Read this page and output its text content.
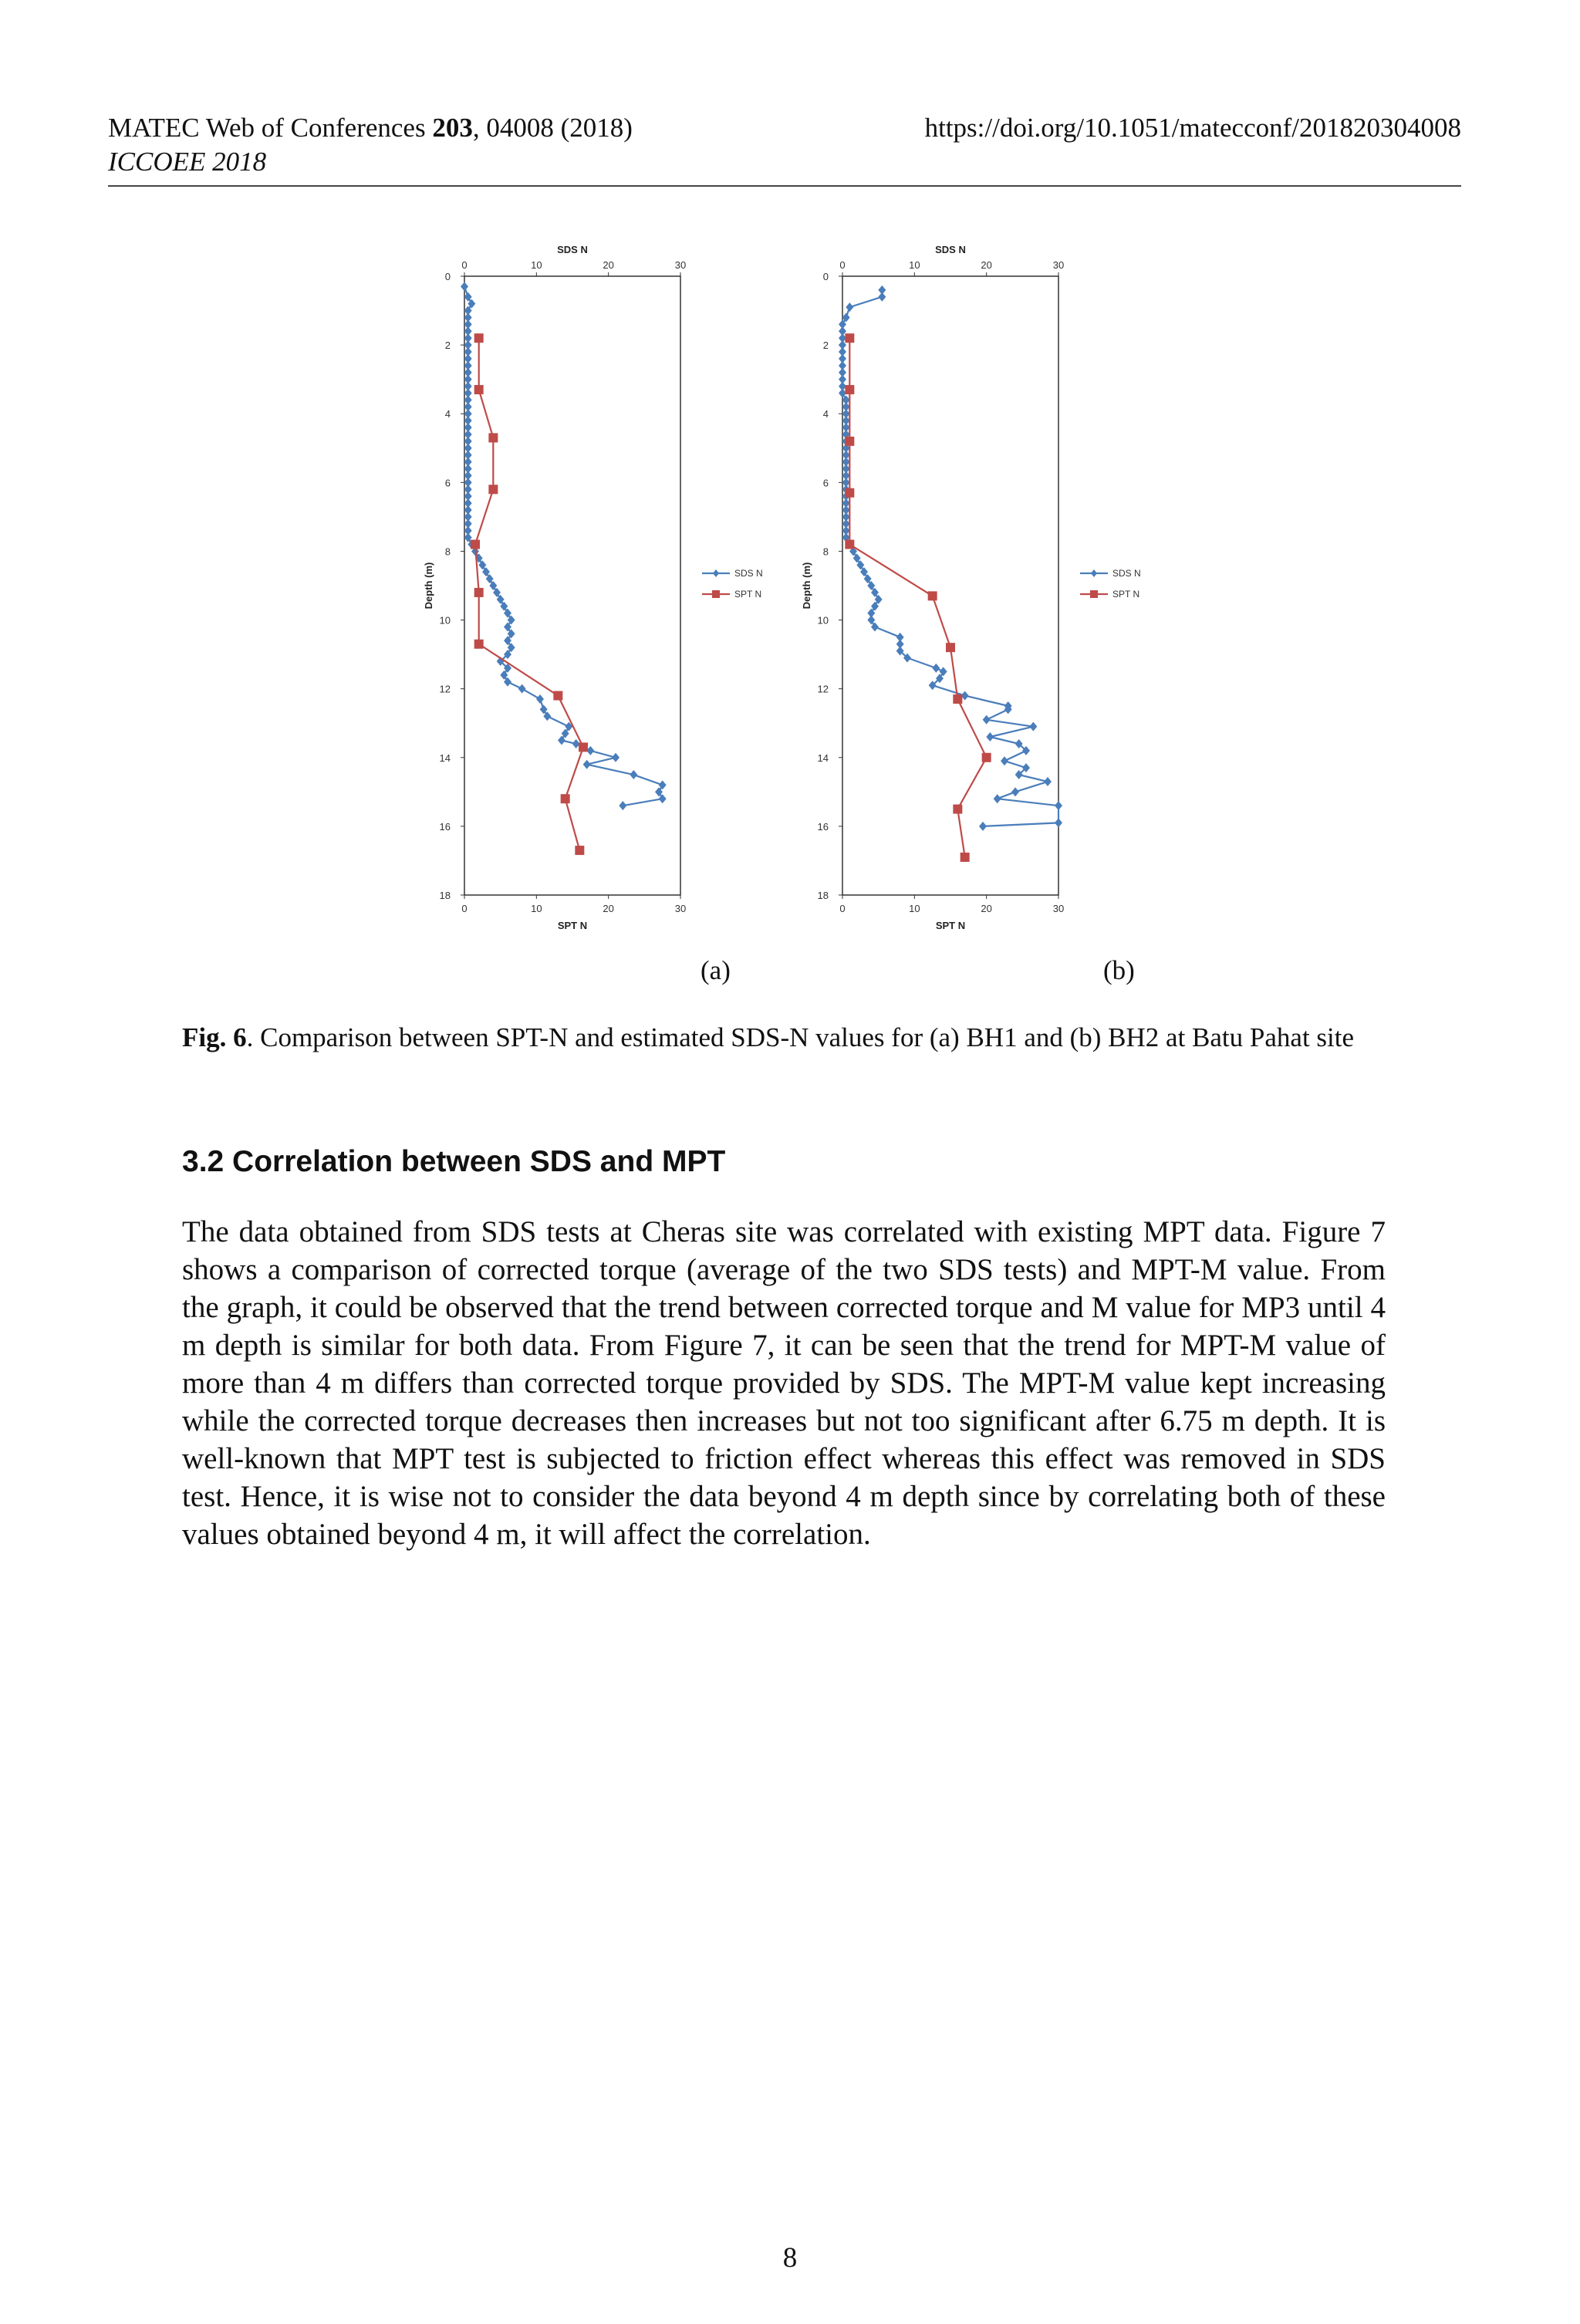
MATEC Web of Conferences 203, 04008 (2018)
ICCOEE 2018
https://doi.org/10.1051/matecconf/201820304008
0
0
10
10
20
20
30
30
0
2
4
6
8
10
12
14
16
18
SDS N
SPT N
Depth (m)	SDS N
SPT N
0
0
10
10
20
20
30
30
0
2
4
6
8
10
12
14
16
18
SDS N
SPT N
Depth (m)	SDS N
SPT N
(a)	(b)
Fig. 6. Comparison between SPT-N and estimated SDS-N values for (a) BH1 and (b) BH2 at Batu Pahat site
3.2 Correlation between SDS and MPT
The data obtained from SDS tests at Cheras site was correlated with existing MPT data. Figure 7 shows a comparison of corrected torque (average of the two SDS tests) and MPT-M value. From the graph, it could be observed that the trend between corrected torque and M value for MP3 until 4 m depth is similar for both data. From Figure 7, it can be seen that the trend for MPT-M value of more than 4 m differs than corrected torque provided by SDS. The MPT-M value kept increasing while the corrected torque decreases then increases but not too significant after 6.75 m depth. It is well-known that MPT test is subjected to friction effect whereas this effect was removed in SDS test. Hence, it is wise not to consider the data beyond 4 m depth since by correlating both of these values obtained beyond 4 m, it will affect the correlation.
8
